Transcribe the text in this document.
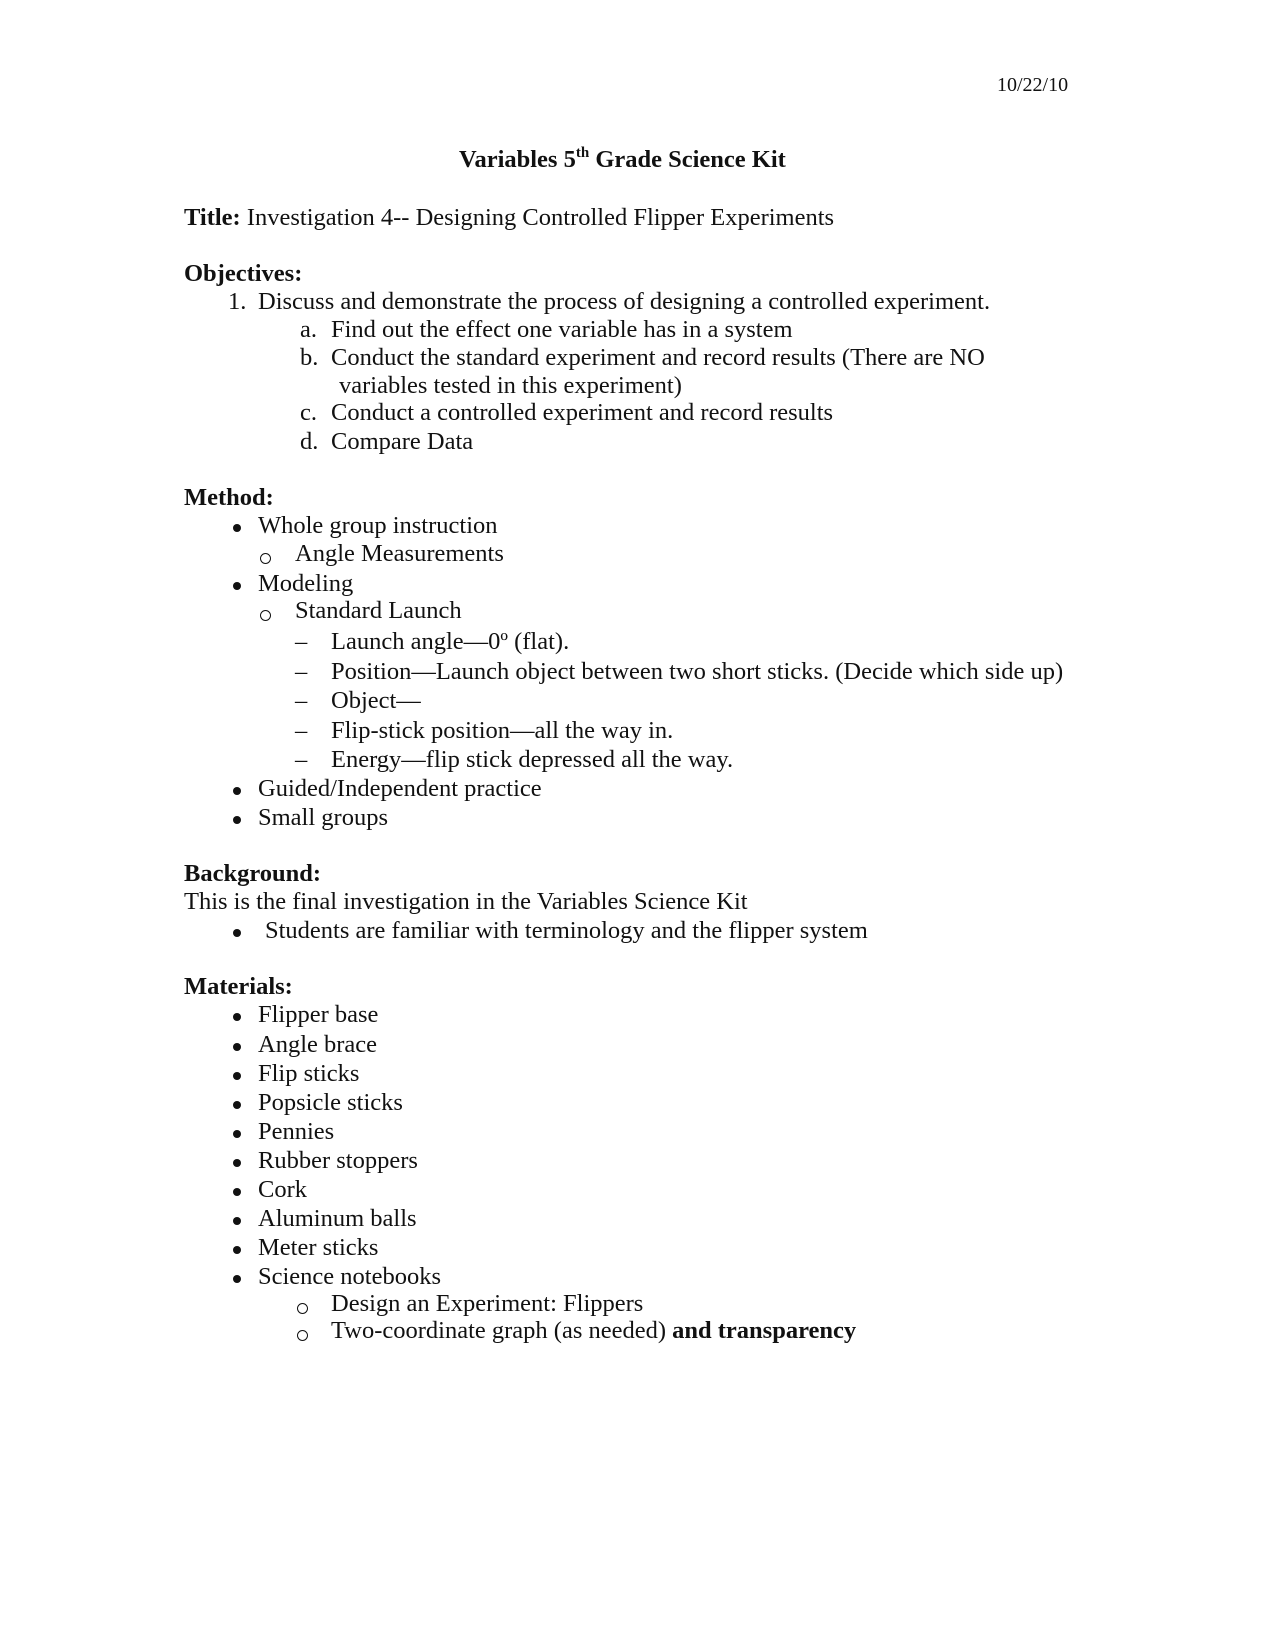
10/22/10
Variables 5th Grade Science Kit
Title: Investigation 4-- Designing Controlled Flipper Experiments
Objectives:
1. Discuss and demonstrate the process of designing a controlled experiment.
a. Find out the effect one variable has in a system
b. Conduct the standard experiment and record results (There are NO
variables tested in this experiment)
c. Conduct a controlled experiment and record results
d. Compare Data
Method:
Whole group instruction
Angle Measurements
Modeling
Standard Launch
– Launch angle—0º (flat).
– Position—Launch object between two short sticks. (Decide which side up)
– Object—
– Flip-stick position—all the way in.
– Energy—flip stick depressed all the way.
Guided/Independent practice
Small groups
Background:
This is the final investigation in the Variables Science Kit
Students are familiar with terminology and the flipper system
Materials:
Flipper base
Angle brace
Flip sticks
Popsicle sticks
Pennies
Rubber stoppers
Cork
Aluminum balls
Meter sticks
Science notebooks
Design an Experiment: Flippers
Two-coordinate graph (as needed) and transparency
